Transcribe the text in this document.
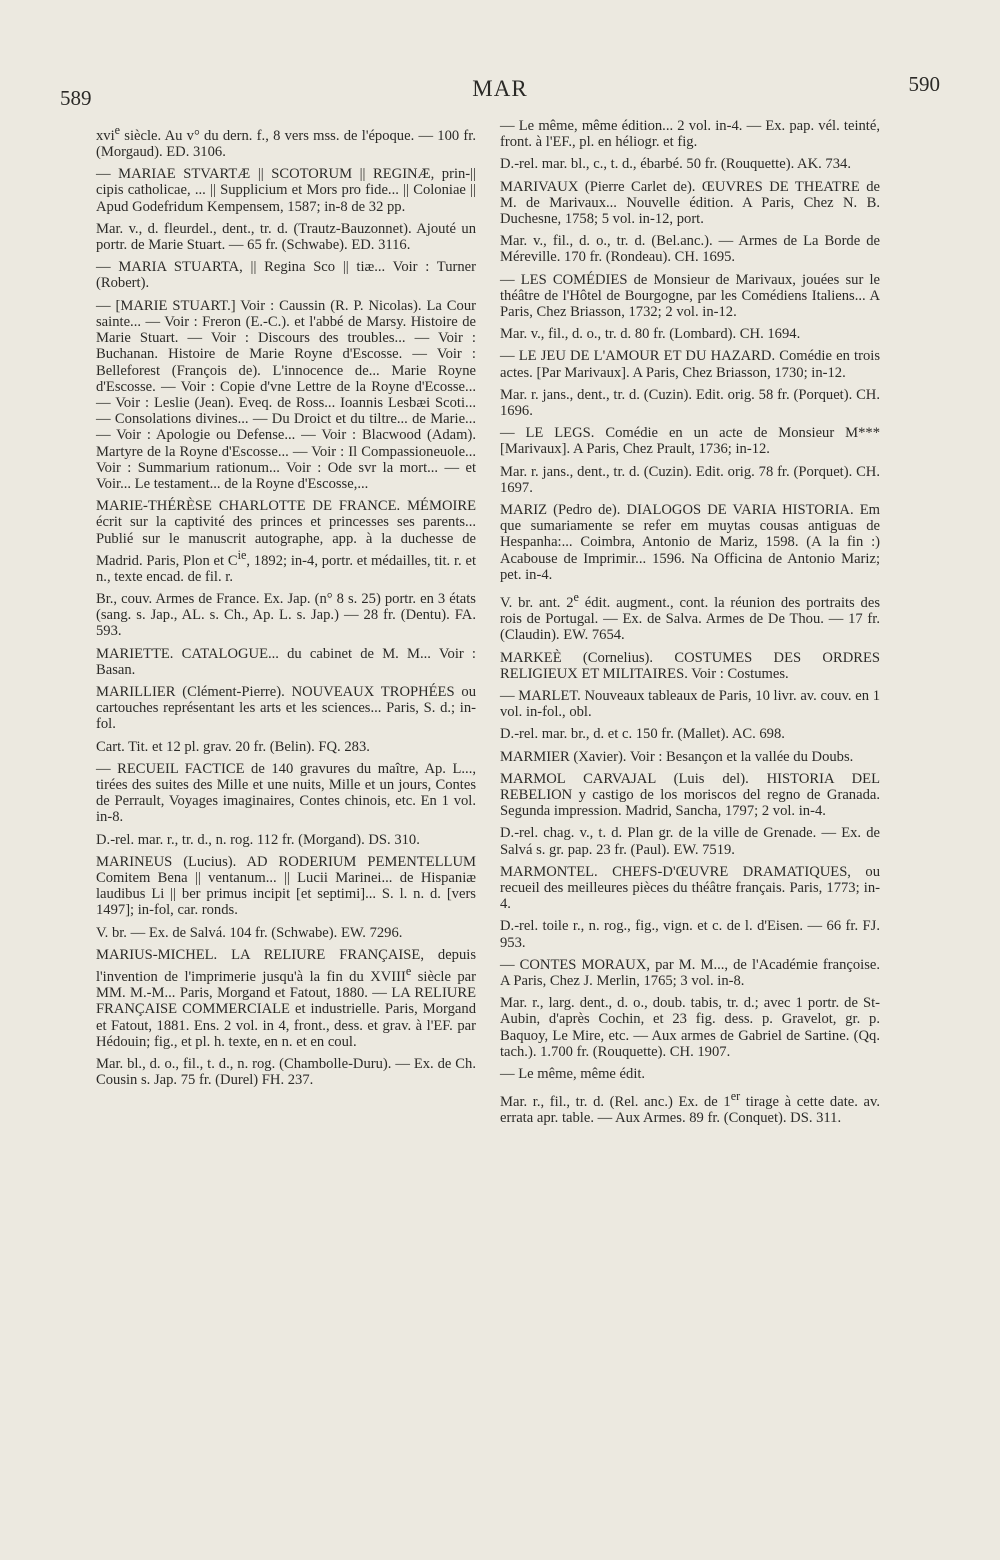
589	MAR	590

xvi$^e$ siècle. Au v° du dern. f., 8 vers mss. de l'époque. — 100 fr. (Morgaud). ED. 3106.

— MARIAE STVARTÆ || SCOTORUM || REGINÆ, prin-|| cipis catholicae, ... || Supplicium et Mors pro fide... || Coloniae || Apud Godefridum Kempensem, 1587; in-8 de 32 pp.

Mar. v., d. fleurdel., dent., tr. d. (Trautz-Bauzonnet). Ajouté un portr. de Marie Stuart. — 65 fr. (Schwabe). ED. 3116.

— MARIA STUARTA, || Regina Sco || tiæ... Voir : Turner (Robert).

— [MARIE STUART.] Voir : Caussin (R. P. Nicolas). La Cour sainte... — Voir : Freron (E.-C.). et l'abbé de Marsy. Histoire de Marie Stuart. — Voir : Discours des troubles... — Voir : Buchanan. Histoire de Marie Royne d'Escosse. — Voir : Belleforest (François de). L'innocence de... Marie Royne d'Escosse. — Voir : Copie d'vne Lettre de la Royne d'Ecosse... — Voir : Leslie (Jean). Eveq. de Ross... Ioannis Lesbæi Scoti... — Consolations divines... — Du Droict et du tiltre... de Marie... — Voir : Apologie ou Defense... — Voir : Blacwood (Adam). Martyre de la Royne d'Escosse... — Voir : Il Compassioneuole... Voir : Summarium rationum... Voir : Ode svr la mort... — et Voir... Le testament... de la Royne d'Escosse,...

MARIE-THÉRÈSE CHARLOTTE DE FRANCE. MÉMOIRE écrit sur la captivité des princes et princesses ses parents... Publié sur le manuscrit autographe, app. à la duchesse de Madrid. Paris, Plon et $C^{ie}$, 1892; in-4, portr. et médailles, tit. r. et n., texte encad. de fil. r.

Br., couv. Armes de France. Ex. Jap. (n° 8 s. 25) portr. en 3 états (sang. s. Jap., AL. s. Ch., Ap. L. s. Jap.) — 28 fr. (Dentu). FA. 593.

MARIETTE. CATALOGUE... du cabinet de M. M... Voir : Basan.

MARILLIER (Clément-Pierre). NOUVEAUX TROPHÉES ou cartouches représentant les arts et les sciences... Paris, S. d.; in-fol.

Cart. Tit. et 12 pl. grav. 20 fr. (Belin). FQ. 283.

— RECUEIL FACTICE de 140 gravures du maître, Ap. L..., tirées des suites des Mille et une nuits, Mille et un jours, Contes de Perrault, Voyages imaginaires, Contes chinois, etc. En 1 vol. in-8.

D.-rel. mar. r., tr. d., n. rog. 112 fr. (Morgand). DS. 310.

MARINEUS (Lucius). AD RODERIUM PEMENTELLUM Comitem Bena || ventanum... || Lucii Marinei... de Hispaniæ laudibus Li || ber primus incipit [et septimi]... S. l. n. d. [vers 1497]; in-fol, car. ronds.

V. br. — Ex. de Salvá. 104 fr. (Schwabe). EW. 7296.

MARIUS-MICHEL. LA RELIURE FRANÇAISE, depuis l'invention de l'imprimerie jusqu'à la fin du XVIIIe siècle par MM. M.-M... Paris, Morgand et Fatout, 1880. — LA RELIURE FRANÇAISE COMMERCIALE et industrielle. Paris, Morgand et Fatout, 1881. Ens. 2 vol. in 4, front., dess. et grav. à l'EF. par Hédouin; fig., et pl. h. texte, en n. et en coul.

Mar. bl., d. o., fil., t. d., n. rog. (Chambolle-Duru). — Ex. de Ch. Cousin s. Jap. 75 fr. (Durel) FH. 237.

— Le même, même édition... 2 vol. in-4. — Ex. pap. vél. teinté, front. à l'EF., pl. en héliogr. et fig.

D.-rel. mar. bl., c., t. d., ébarbé. 50 fr. (Rouquette). AK. 734.

MARIVAUX (Pierre Carlet de). ŒUVRES DE THEATRE de M. de Marivaux... Nouvelle édition. A Paris, Chez N. B. Duchesne, 1758; 5 vol. in-12, port.

Mar. v., fil., d. o., tr. d. (Bel.anc.). — Armes de La Borde de Méreville. 170 fr. (Rondeau). CH. 1695.

— LES COMÉDIES de Monsieur de Marivaux, jouées sur le théâtre de l'Hôtel de Bourgogne, par les Comédiens Italiens... A Paris, Chez Briasson, 1732; 2 vol. in-12.

Mar. v., fil., d. o., tr. d. 80 fr. (Lombard). CH. 1694.

— LE JEU DE L'AMOUR ET DU HAZARD. Comédie en trois actes. [Par Marivaux]. A Paris, Chez Briasson, 1730; in-12.

Mar. r. jans., dent., tr. d. (Cuzin). Edit. orig. 58 fr. (Porquet). CH. 1696.

— LE LEGS. Comédie en un acte de Monsieur M*** [Marivaux]. A Paris, Chez Prault, 1736; in-12.

Mar. r. jans., dent., tr. d. (Cuzin). Edit. orig. 78 fr. (Porquet). CH. 1697.

MARIZ (Pedro de). DIALOGOS DE VARIA HISTORIA. Em que sumariamente se refer em muytas cousas antiguas de Hespanha:... Coimbra, Antonio de Mariz, 1598. (A la fin :) Acabouse de Imprimir... 1596. Na Officina de Antonio Mariz; pet. in-4.

V. br. ant. 2e édit. augment., cont. la réunion des portraits des rois de Portugal. — Ex. de Salva. Armes de De Thou. — 17 fr. (Claudin). EW. 7654.

MARKEÈ (Cornelius). COSTUMES DES ORDRES RELIGIEUX ET MILITAIRES. Voir : Costumes.

— MARLET. Nouveaux tableaux de Paris, 10 livr. av. couv. en 1 vol. in-fol., obl.

D.-rel. mar. br., d. et c. 150 fr. (Mallet). AC. 698.

MARMIER (Xavier). Voir : Besançon et la vallée du Doubs.

MARMOL CARVAJAL (Luis del). HISTORIA DEL REBELION y castigo de los moriscos del regno de Granada. Segunda impression. Madrid, Sancha, 1797; 2 vol. in-4.

D.-rel. chag. v., t. d. Plan gr. de la ville de Grenade. — Ex. de Salvá s. gr. pap. 23 fr. (Paul). EW. 7519.

MARMONTEL. CHEFS-D'ŒUVRE DRAMATIQUES, ou recueil des meilleures pièces du théâtre français. Paris, 1773; in-4.

D.-rel. toile r., n. rog., fig., vign. et c. de l. d'Eisen. — 66 fr. FJ. 953.

— CONTES MORAUX, par M. M..., de l'Académie françoise. A Paris, Chez J. Merlin, 1765; 3 vol. in-8.

Mar. r., larg. dent., d. o., doub. tabis, tr. d.; avec 1 portr. de St-Aubin, d'après Cochin, et 23 fig. dess. p. Gravelot, gr. p. Baquoy, Le Mire, etc. — Aux armes de Gabriel de Sartine. (Qq. tach.). 1.700 fr. (Rouquette). CH. 1907.

— Le même, même édit.

Mar. r., fil., tr. d. (Rel. anc.) Ex. de 1er tirage à cette date. av. errata apr. table. — Aux Armes. 89 fr. (Conquet). DS. 311.
